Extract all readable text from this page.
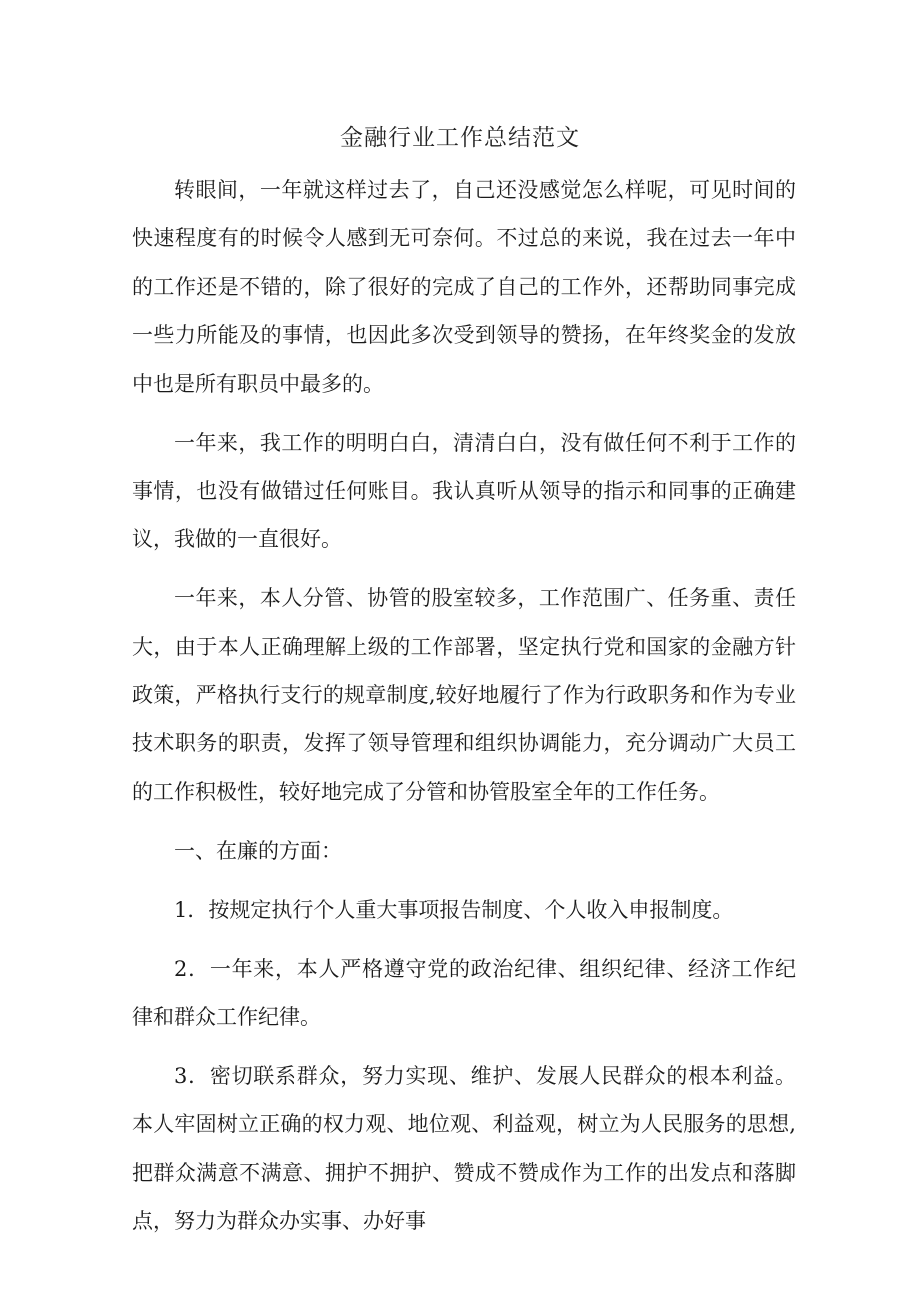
金融行业工作总结范文

转眼间，一年就这样过去了，自己还没感觉怎么样呢，可见时间的快速程度有的时候令人感到无可奈何。不过总的来说，我在过去一年中的工作还是不错的，除了很好的完成了自己的工作外，还帮助同事完成一些力所能及的事情，也因此多次受到领导的赞扬，在年终奖金的发放中也是所有职员中最多的。

一年来，我工作的明明白白，清清白白，没有做任何不利于工作的事情，也没有做错过任何账目。我认真听从领导的指示和同事的正确建议，我做的一直很好。

一年来，本人分管、协管的股室较多，工作范围广、任务重、责任大，由于本人正确理解上级的工作部署，坚定执行党和国家的金融方针政策，严格执行支行的规章制度,较好地履行了作为行政职务和作为专业技术职务的职责，发挥了领导管理和组织协调能力，充分调动广大员工的工作积极性，较好地完成了分管和协管股室全年的工作任务。

一、在廉的方面：

1．按规定执行个人重大事项报告制度、个人收入申报制度。

2．一年来，本人严格遵守党的政治纪律、组织纪律、经济工作纪律和群众工作纪律。

3．密切联系群众，努力实现、维护、发展人民群众的根本利益。本人牢固树立正确的权力观、地位观、利益观，树立为人民服务的思想,把群众满意不满意、拥护不拥护、赞成不赞成作为工作的出发点和落脚点，努力为群众办实事、办好事
